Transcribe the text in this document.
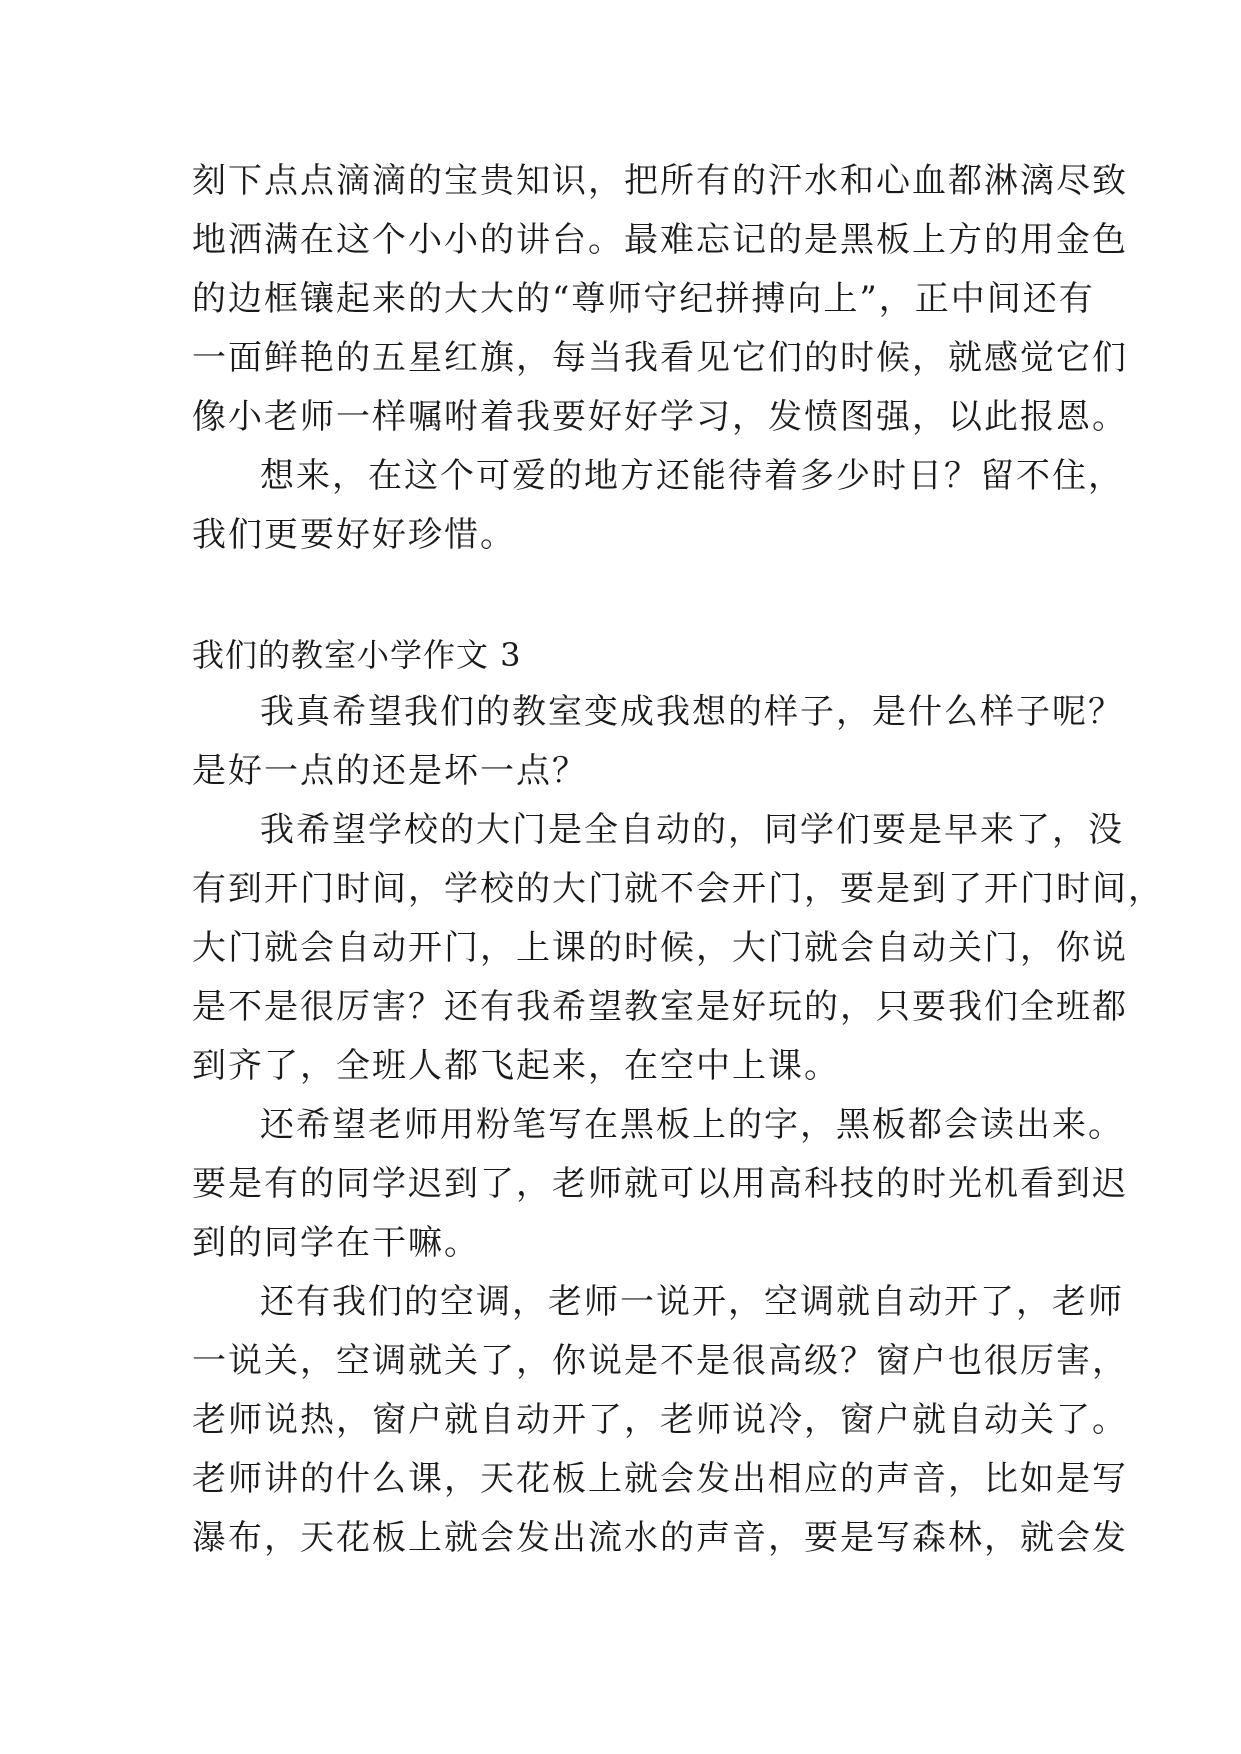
刻下点点滴滴的宝贵知识，把所有的汗水和心血都淋漓尽致
地洒满在这个小小的讲台。最难忘记的是黑板上方的用金色
的边框镶起来的大大的“尊师守纪拼搏向上”，正中间还有
一面鲜艳的五星红旗，每当我看见它们的时候，就感觉它们
像小老师一样嘱咐着我要好好学习，发愤图强，以此报恩。
想来，在这个可爱的地方还能待着多少时日？留不住，
我们更要好好珍惜。
我们的教室小学作文 3
我真希望我们的教室变成我想的样子，是什么样子呢？
是好一点的还是坏一点？
我希望学校的大门是全自动的，同学们要是早来了，没
有到开门时间，学校的大门就不会开门，要是到了开门时间，
大门就会自动开门，上课的时候，大门就会自动关门，你说
是不是很厉害？还有我希望教室是好玩的，只要我们全班都
到齐了，全班人都飞起来，在空中上课。
还希望老师用粉笔写在黑板上的字，黑板都会读出来。
要是有的同学迟到了，老师就可以用高科技的时光机看到迟
到的同学在干嘛。
还有我们的空调，老师一说开，空调就自动开了，老师
一说关，空调就关了，你说是不是很高级？窗户也很厉害，
老师说热，窗户就自动开了，老师说冷，窗户就自动关了。
老师讲的什么课，天花板上就会发出相应的声音，比如是写
瀑布，天花板上就会发出流水的声音，要是写森林，就会发
